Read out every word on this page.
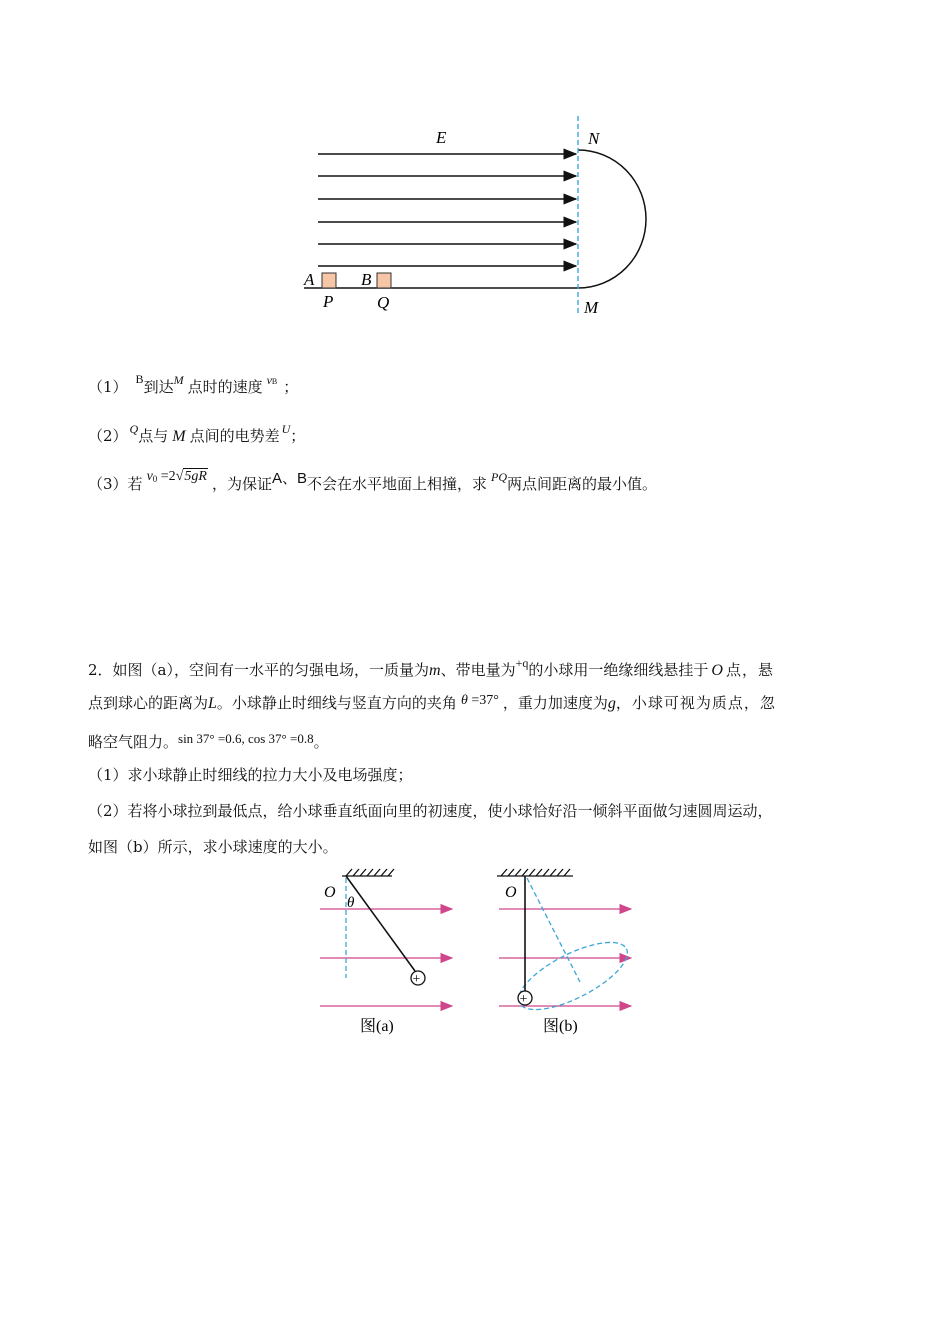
E	N
M
A	B
P	Q
（1） $^B$到达$^M$ 点时的速度 $^{vB}$ ；
（2） $^Q$点与 M 点间的电势差 $^U$；
（3）若 v0 =2√5gR ，为保证A、B不会在水平地面上相撞，求 $^{PQ}$两点间距离的最小值。
2．如图（a），空间有一水平的匀强电场，一质量为m、带电量为$^{+q}$的小球用一绝缘细线悬挂于 O 点，悬
点到球心的距离为L。小球静止时细线与竖直方向的夹角 θ =37° ，重力加速度为g，小球可视为质点，忽
略空气阻力。sin 37° =0.6, cos 37° =0.8。
（1）求小球静止时细线的拉力大小及电场强度；
（2）若将小球拉到最低点，给小球垂直纸面向里的初速度，使小球恰好沿一倾斜平面做匀速圆周运动，
如图（b）所示，求小球速度的大小。
+
O
θ
图(a)
+
O
图(b)
